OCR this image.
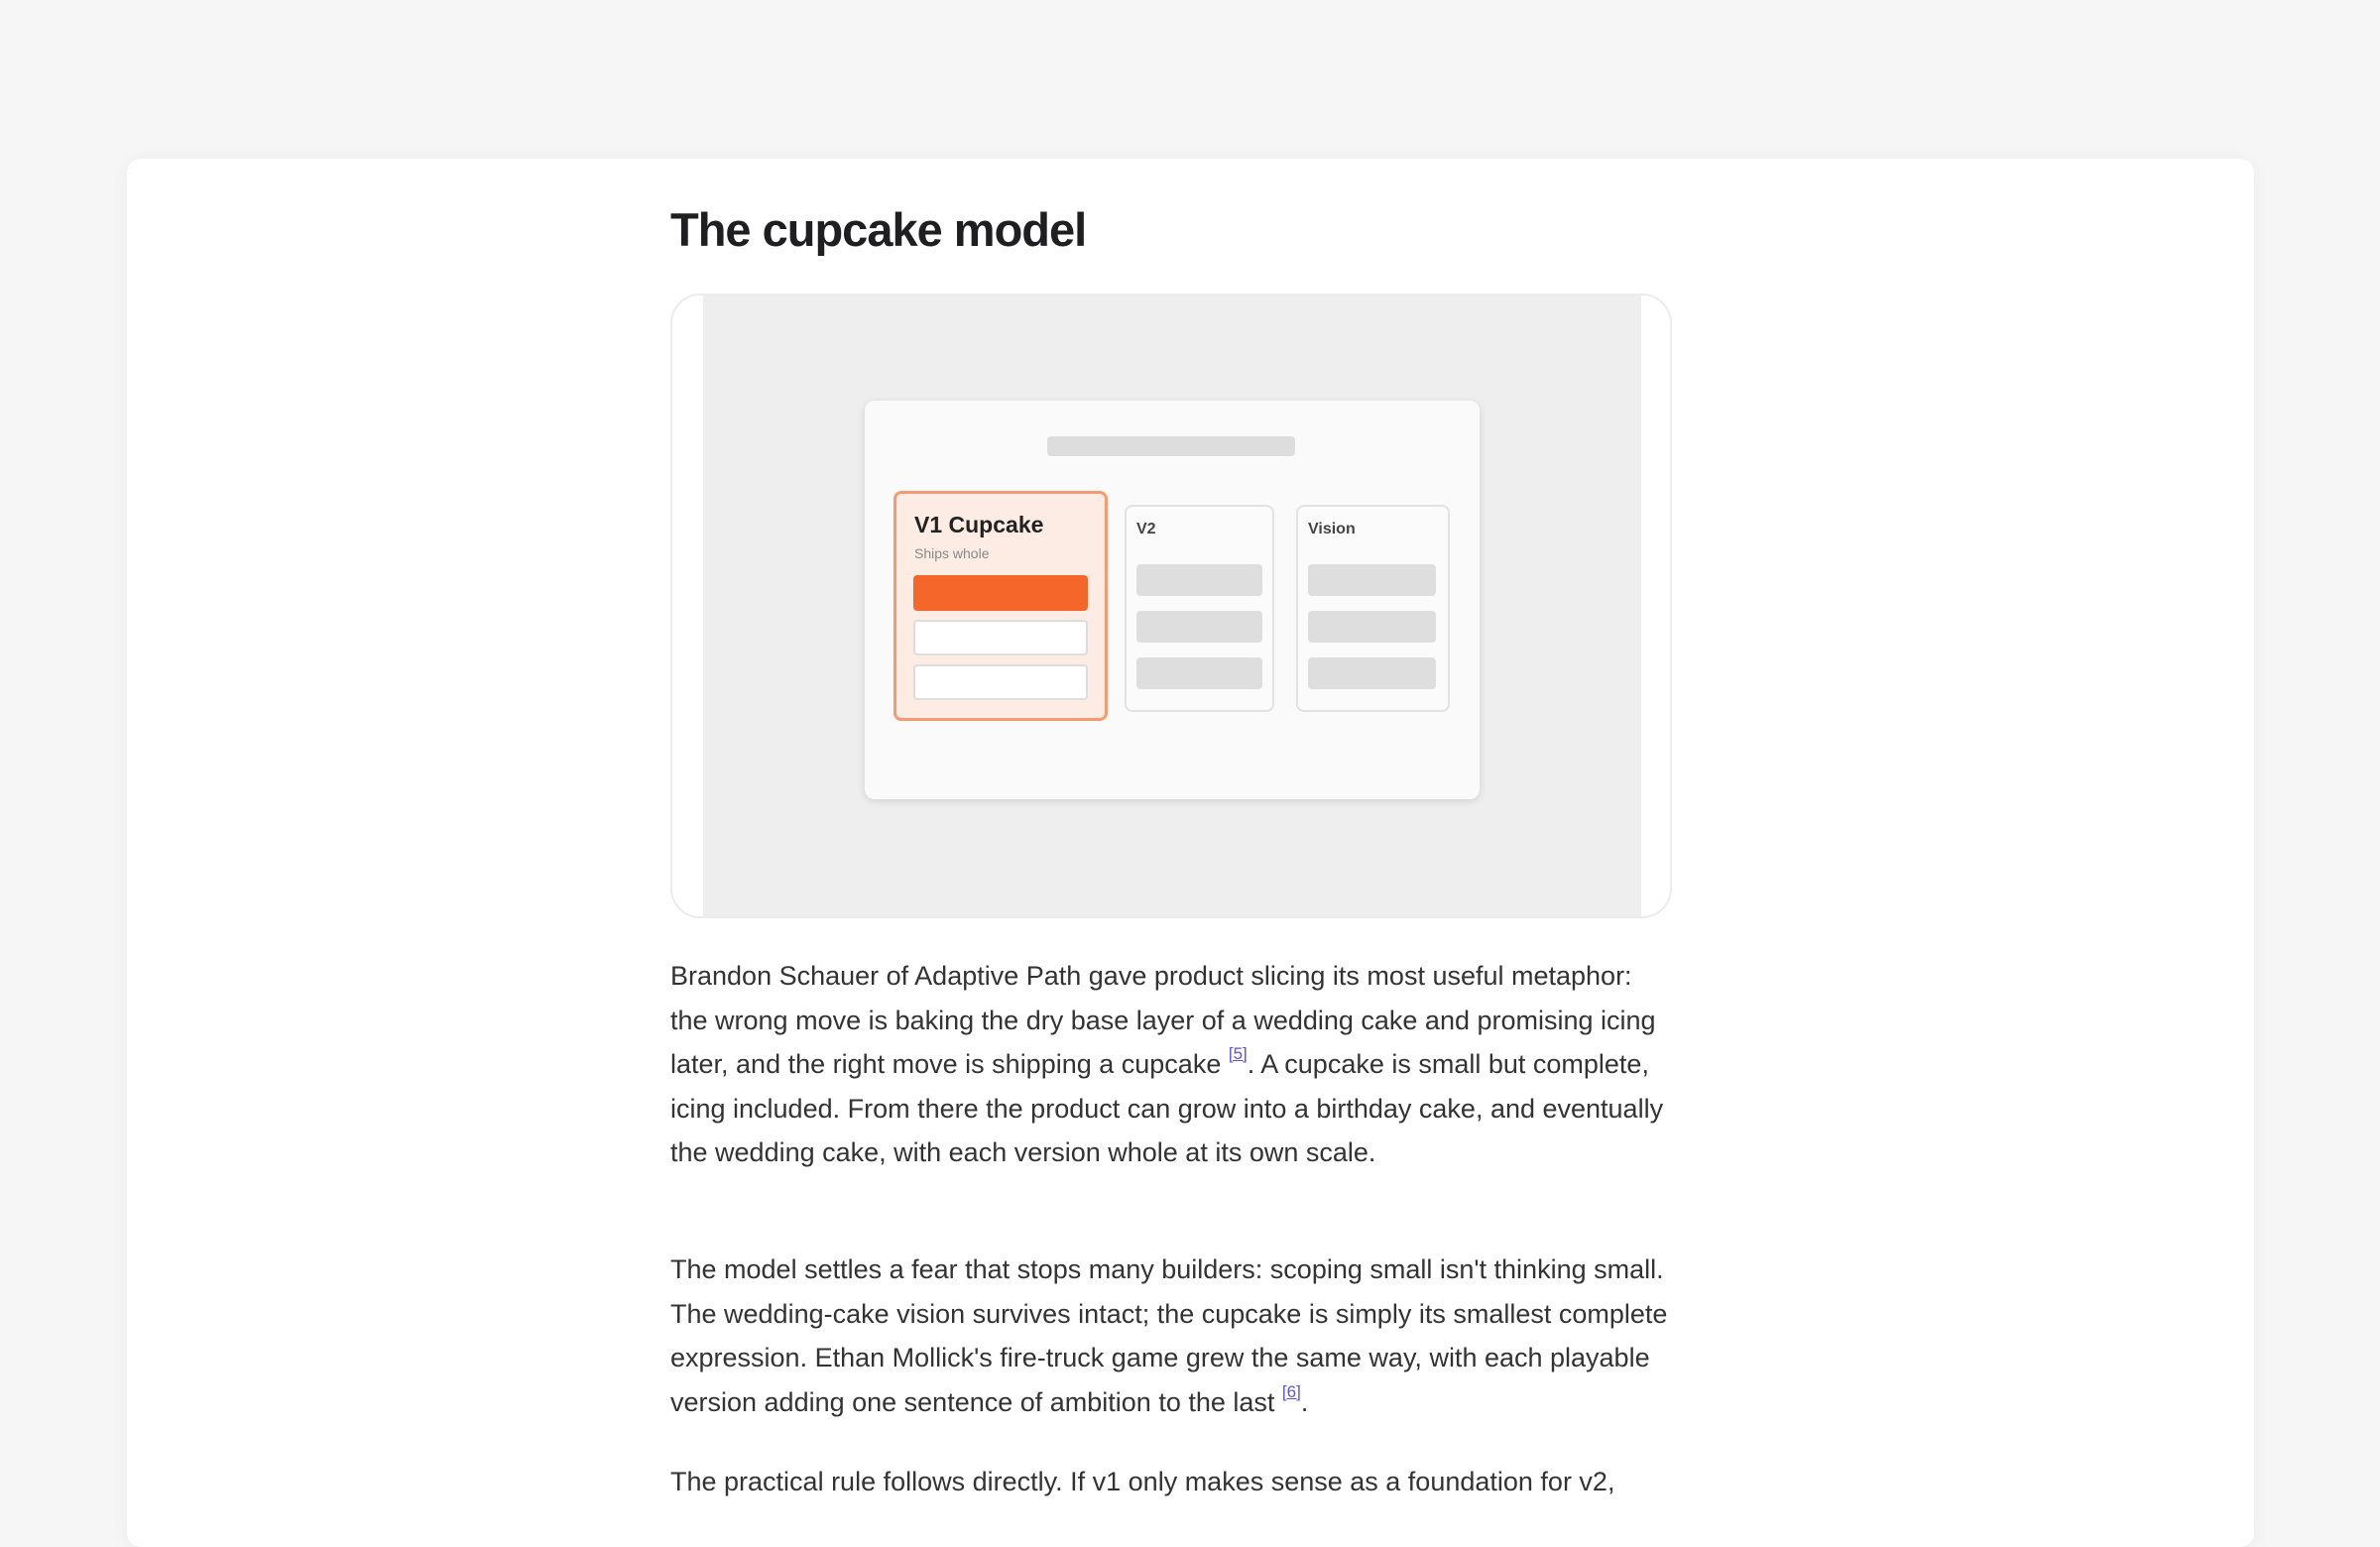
The cupcake model
V1 Cupcake
Ships whole
V2	Vision

Brandon Schauer of Adaptive Path gave product slicing its most useful metaphor: the wrong move is baking the dry base layer of a wedding cake and promising icing later, and the right move is shipping a cupcake [5]. A cupcake is small but complete, icing included. From there the product can grow into a birthday cake, and eventually the wedding cake, with each version whole at its own scale.

The model settles a fear that stops many builders: scoping small isn't thinking small. The wedding-cake vision survives intact; the cupcake is simply its smallest complete expression. Ethan Mollick's fire-truck game grew the same way, with each playable version adding one sentence of ambition to the last [6].

The practical rule follows directly. If v1 only makes sense as a foundation for v2,
